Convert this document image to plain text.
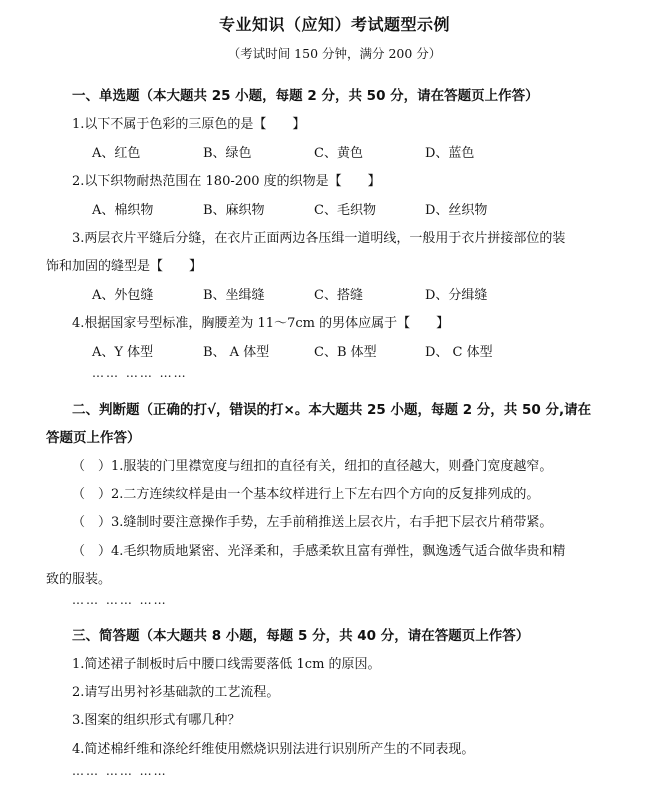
专业知识（应知）考试题型示例
（考试时间 150 分钟，满分 200 分）
一、单选题（本大题共 25 小题，每题 2 分，共 50 分，请在答题页上作答）
1.以下不属于色彩的三原色的是【　　】
A、红色	B、绿色	C、黄色	D、蓝色
2.以下织物耐热范围在 180-200 度的织物是【　　】
A、棉织物	B、麻织物	C、毛织物	D、丝织物
3.两层衣片平缝后分缝，在衣片正面两边各压缉一道明线，一般用于衣片拼接部位的装
饰和加固的缝型是【　　】
A、外包缝	B、坐缉缝	C、搭缝	D、分缉缝
4.根据国家号型标准，胸腰差为 11～7cm 的男体应属于【　　】
A、Y 体型	B、 A 体型	C、B 体型	D、 C 体型
…… …… ……
二、判断题（正确的打√，错误的打×。本大题共 25 小题，每题 2 分，共 50 分,请在
答题页上作答）
（　）1.服装的门里襟宽度与纽扣的直径有关，纽扣的直径越大，则叠门宽度越窄。
（　）2.二方连续纹样是由一个基本纹样进行上下左右四个方向的反复排列成的。
（　）3.缝制时要注意操作手势，左手前稍推送上层衣片，右手把下层衣片稍带紧。
（　）4.毛织物质地紧密、光泽柔和，手感柔软且富有弹性，飘逸透气适合做华贵和精
致的服装。
…… …… ……
三、简答题（本大题共 8 小题，每题 5 分，共 40 分，请在答题页上作答）
1.简述裙子制板时后中腰口线需要落低 1cm 的原因。
2.请写出男衬衫基础款的工艺流程。
3.图案的组织形式有哪几种？
4.简述棉纤维和涤纶纤维使用燃烧识别法进行识别所产生的不同表现。
…… …… ……
